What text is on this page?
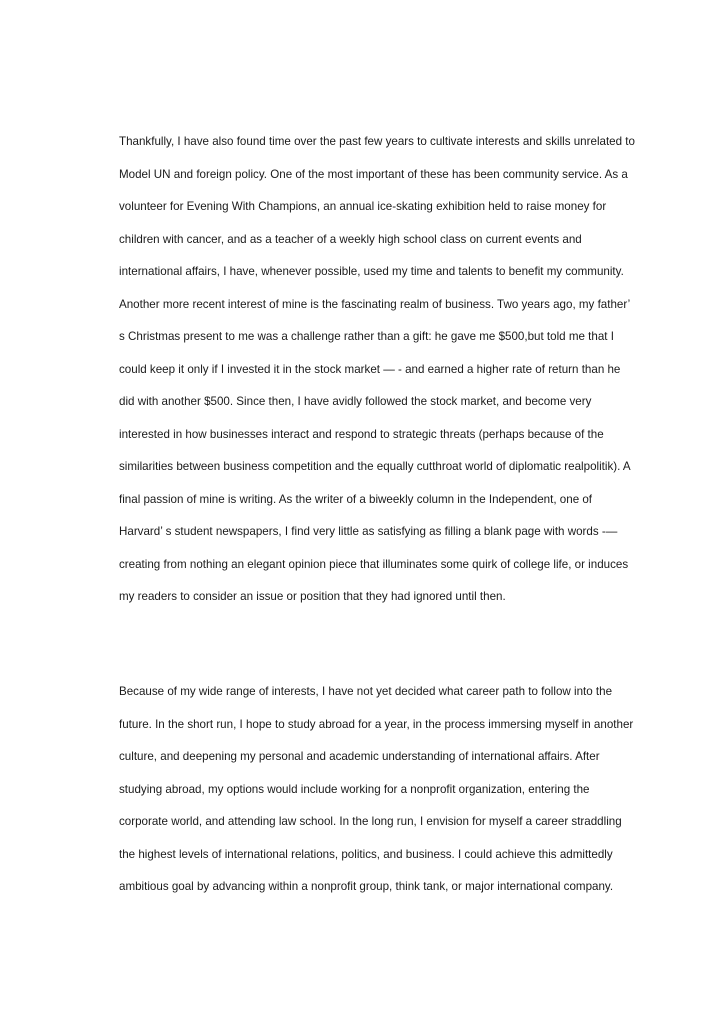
Thankfully, I have also found time over the past few years to cultivate interests and skills unrelated to
Model UN and foreign policy. One of the most important of these has been community service. As a
volunteer for Evening With Champions, an annual ice-skating exhibition held to raise money for
children with cancer, and as a teacher of a weekly high school class on current events and
international affairs, I have, whenever possible, used my time and talents to benefit my community.
Another more recent interest of mine is the fascinating realm of business. Two years ago, my father’
s Christmas present to me was a challenge rather than a gift: he gave me $500,but told me that I
could keep it only if I invested it in the stock market — - and earned a higher rate of return than he
did with another $500. Since then, I have avidly followed the stock market, and become very
interested in how businesses interact and respond to strategic threats (perhaps because of the
similarities between business competition and the equally cutthroat world of diplomatic realpolitik). A
final passion of mine is writing. As the writer of a biweekly column in the Independent, one of
Harvard’ s student newspapers, I find very little as satisfying as filling a blank page with words -—
creating from nothing an elegant opinion piece that illuminates some quirk of college life, or induces
my readers to consider an issue or position that they had ignored until then.
Because of my wide range of interests, I have not yet decided what career path to follow into the
future. In the short run, I hope to study abroad for a year, in the process immersing myself in another
culture, and deepening my personal and academic understanding of international affairs. After
studying abroad, my options would include working for a nonprofit organization, entering the
corporate world, and attending law school. In the long run, I envision for myself a career straddling
the highest levels of international relations, politics, and business. I could achieve this admittedly
ambitious goal by advancing within a nonprofit group, think tank, or major international company.
